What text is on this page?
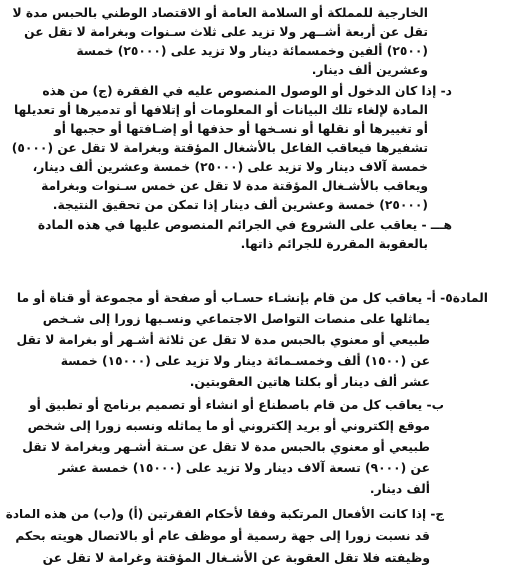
الخارجية للمملكة أو السلامة العامة أو الاقتصاد الوطني بالحبس مدة لا
تقل عن أربعة أشــهر ولا تزيد على ثلاث سـنوات وبغرامة لا تقل عن
(٢٥٠٠) ألفين وخمسمائة دينار ولا تزيد على (٢٥٠٠٠) خمسة
وعشرين ألف دينار.
د- إذا كان الدخول أو الوصول المنصوص عليه في الفقرة (ج) من هذه
المادة لإلغاء تلك البيانات أو المعلومات أو إتلافها أو تدميرها أو تعديلها
أو تغييرها أو نقلها أو نسـخها أو حذفها أو إضـافتها أو حجبها أو
تشفيرها فيعاقب الفاعل بالأشغال المؤقتة وبغرامة لا تقل عن (٥٠٠٠)
خمسة آلاف دينار ولا تزيد على (٢٥٠٠٠) خمسة وعشرين ألف دينار،
ويعاقب بالأشـغال المؤقتة مدة لا تقل عن خمس سـنوات وبغرامة
(٢٥٠٠٠) خمسة وعشرين ألف دينار إذا تمكن من تحقيق النتيجة.
هـــ - يعاقب على الشروع في الجرائم المنصوص عليها في هذه المادة
بالعقوبة المقررة للجرائم ذاتها.
المادة٥- أ- يعاقب كل من قام بإنشـاء حسـاب أو صفحة أو مجموعة أو قناة أو ما
يماثلها على منصات التواصل الاجتماعي ونسـبها زورا إلى شـخص
طبيعي أو معنوي بالحبس مدة لا تقل عن ثلاثة أشـهر أو بغرامة لا تقل
عن (١٥٠٠) ألف وخمسـمائة دينار ولا تزيد على (١٥٠٠٠) خمسة
عشر ألف دينار أو بكلتا هاتين العقوبتين.
ب- يعاقب كل من قام باصطناع أو انشاء أو تصميم برنامج أو تطبيق أو
موقع إلكتروني أو بريد إلكتروني أو ما يماثله ونسبه زورا إلى شخص
طبيعي أو معنوي بالحبس مدة لا تقل عن سـتة أشـهر وبغرامة لا تقل
عن (٩٠٠٠) تسعة آلاف دينار ولا تزيد على (١٥٠٠٠) خمسة عشر
ألف دينار.
ج- إذا كانت الأفعال المرتكبة وفقا لأحكام الفقرتين (أ) و(ب) من هذه المادة
قد نسبت زورا إلى جهة رسمية أو موظف عام أو بالاتصال هويته بحكم
وظيفته فلا تقل العقوبة عن الأشـغال المؤقتة وغرامة لا تقل عن
